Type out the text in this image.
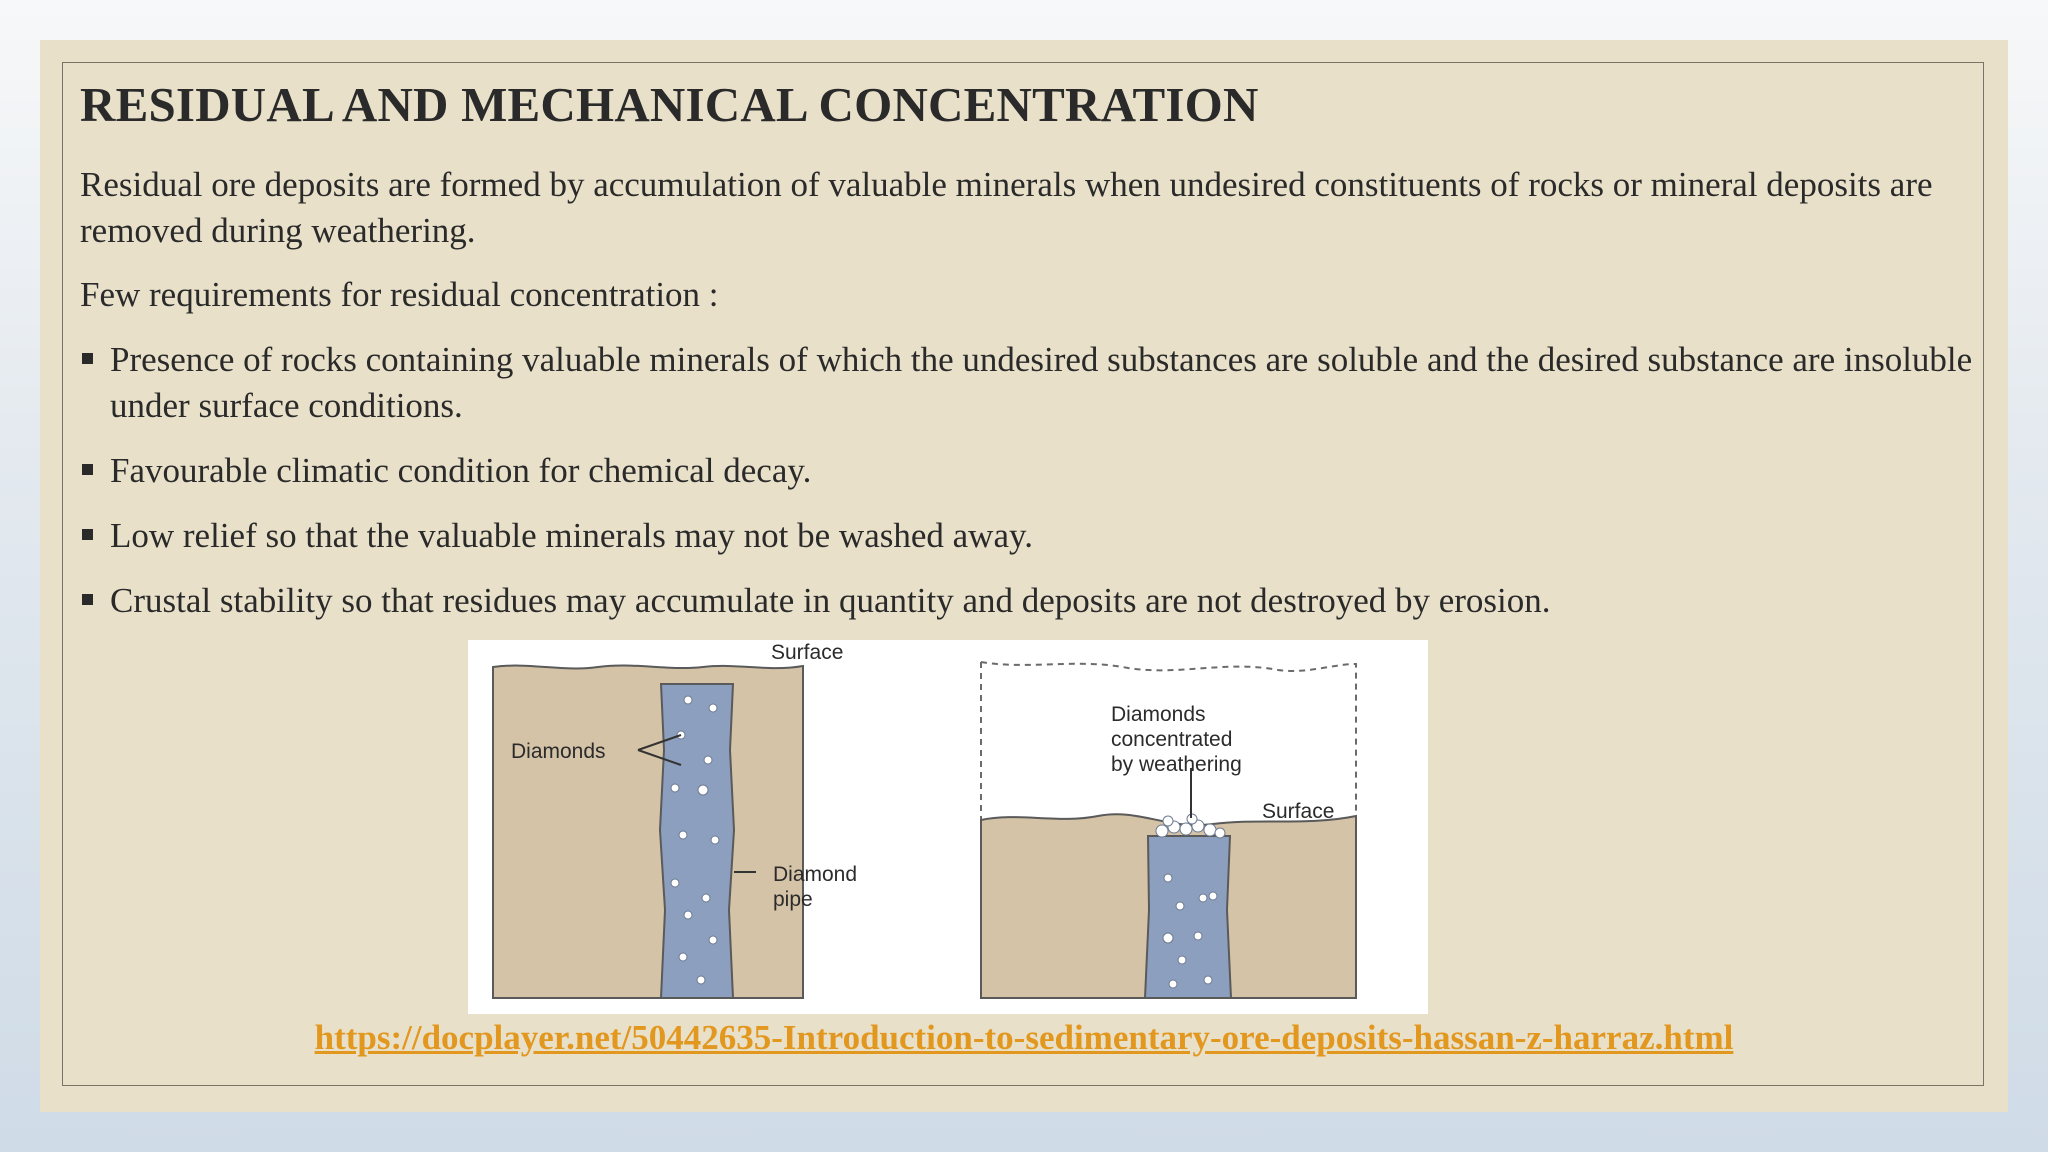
RESIDUAL AND MECHANICAL CONCENTRATION
Residual ore deposits are formed by accumulation of valuable minerals when undesired constituents of rocks or mineral deposits are removed during weathering.
Few requirements for residual concentration :
Presence of rocks containing valuable minerals of which the undesired substances are soluble and the desired substance are insoluble under surface conditions.
Favourable climatic condition for chemical decay.
Low relief so that the valuable minerals may not be washed away.
Crustal stability so that residues may accumulate in quantity and deposits are not destroyed by erosion.
Surface
Diamonds
Diamond
pipe
Diamonds
concentrated
by weathering
Surface
https://docplayer.net/50442635-Introduction-to-sedimentary-ore-deposits-hassan-z-harraz.html
